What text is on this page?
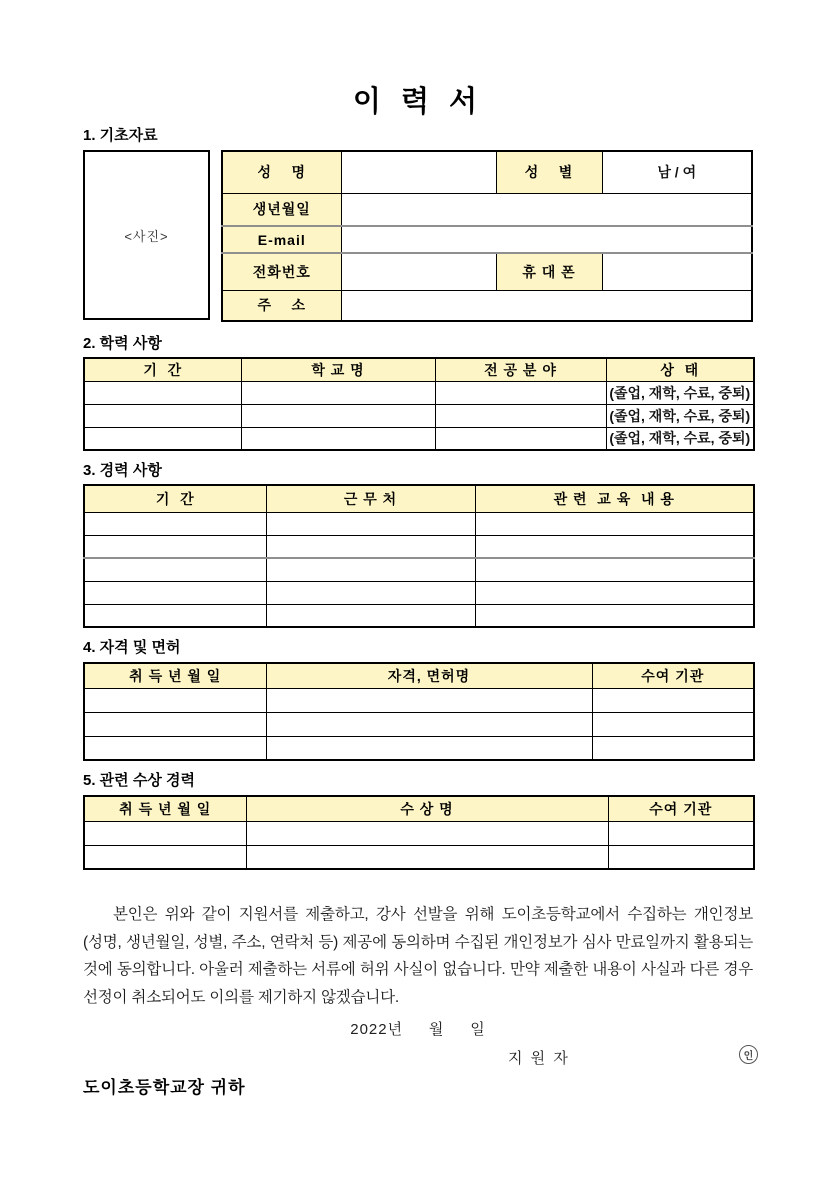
이 력 서
1. 기초자료
<사진>
성    명		성    별	남 / 여
생년월일			
E-mail			
전화번호		휴 대 폰	
주    소			
2. 학력 사항
기  간	학 교 명	전 공 분 야	상  태
			(졸업, 재학, 수료, 중퇴)
			(졸업, 재학, 수료, 중퇴)
			(졸업, 재학, 수료, 중퇴)
3. 경력 사항
기  간	근 무 처	관 련  교 육  내 용

4. 자격 및 면허
취 득 년 월 일	자격, 면허명	수여 기관

5. 관련 수상 경력
취 득 년 월 일	수 상 명	수여 기관

본인은 위와 같이 지원서를 제출하고, 강사 선발을 위해 도이초등학교에서 수집하는 개인정보(성명, 생년월일, 성별, 주소, 연락처 등) 제공에 동의하며 수집된 개인정보가 심사 만료일까지 활용되는 것에 동의합니다. 아울러 제출하는 서류에 허위 사실이 없습니다. 만약 제출한 내용이 사실과 다른 경우 선정이 취소되어도 이의를 제기하지 않겠습니다.

2022년     월     일
지 원 자	인
도이초등학교장 귀하
